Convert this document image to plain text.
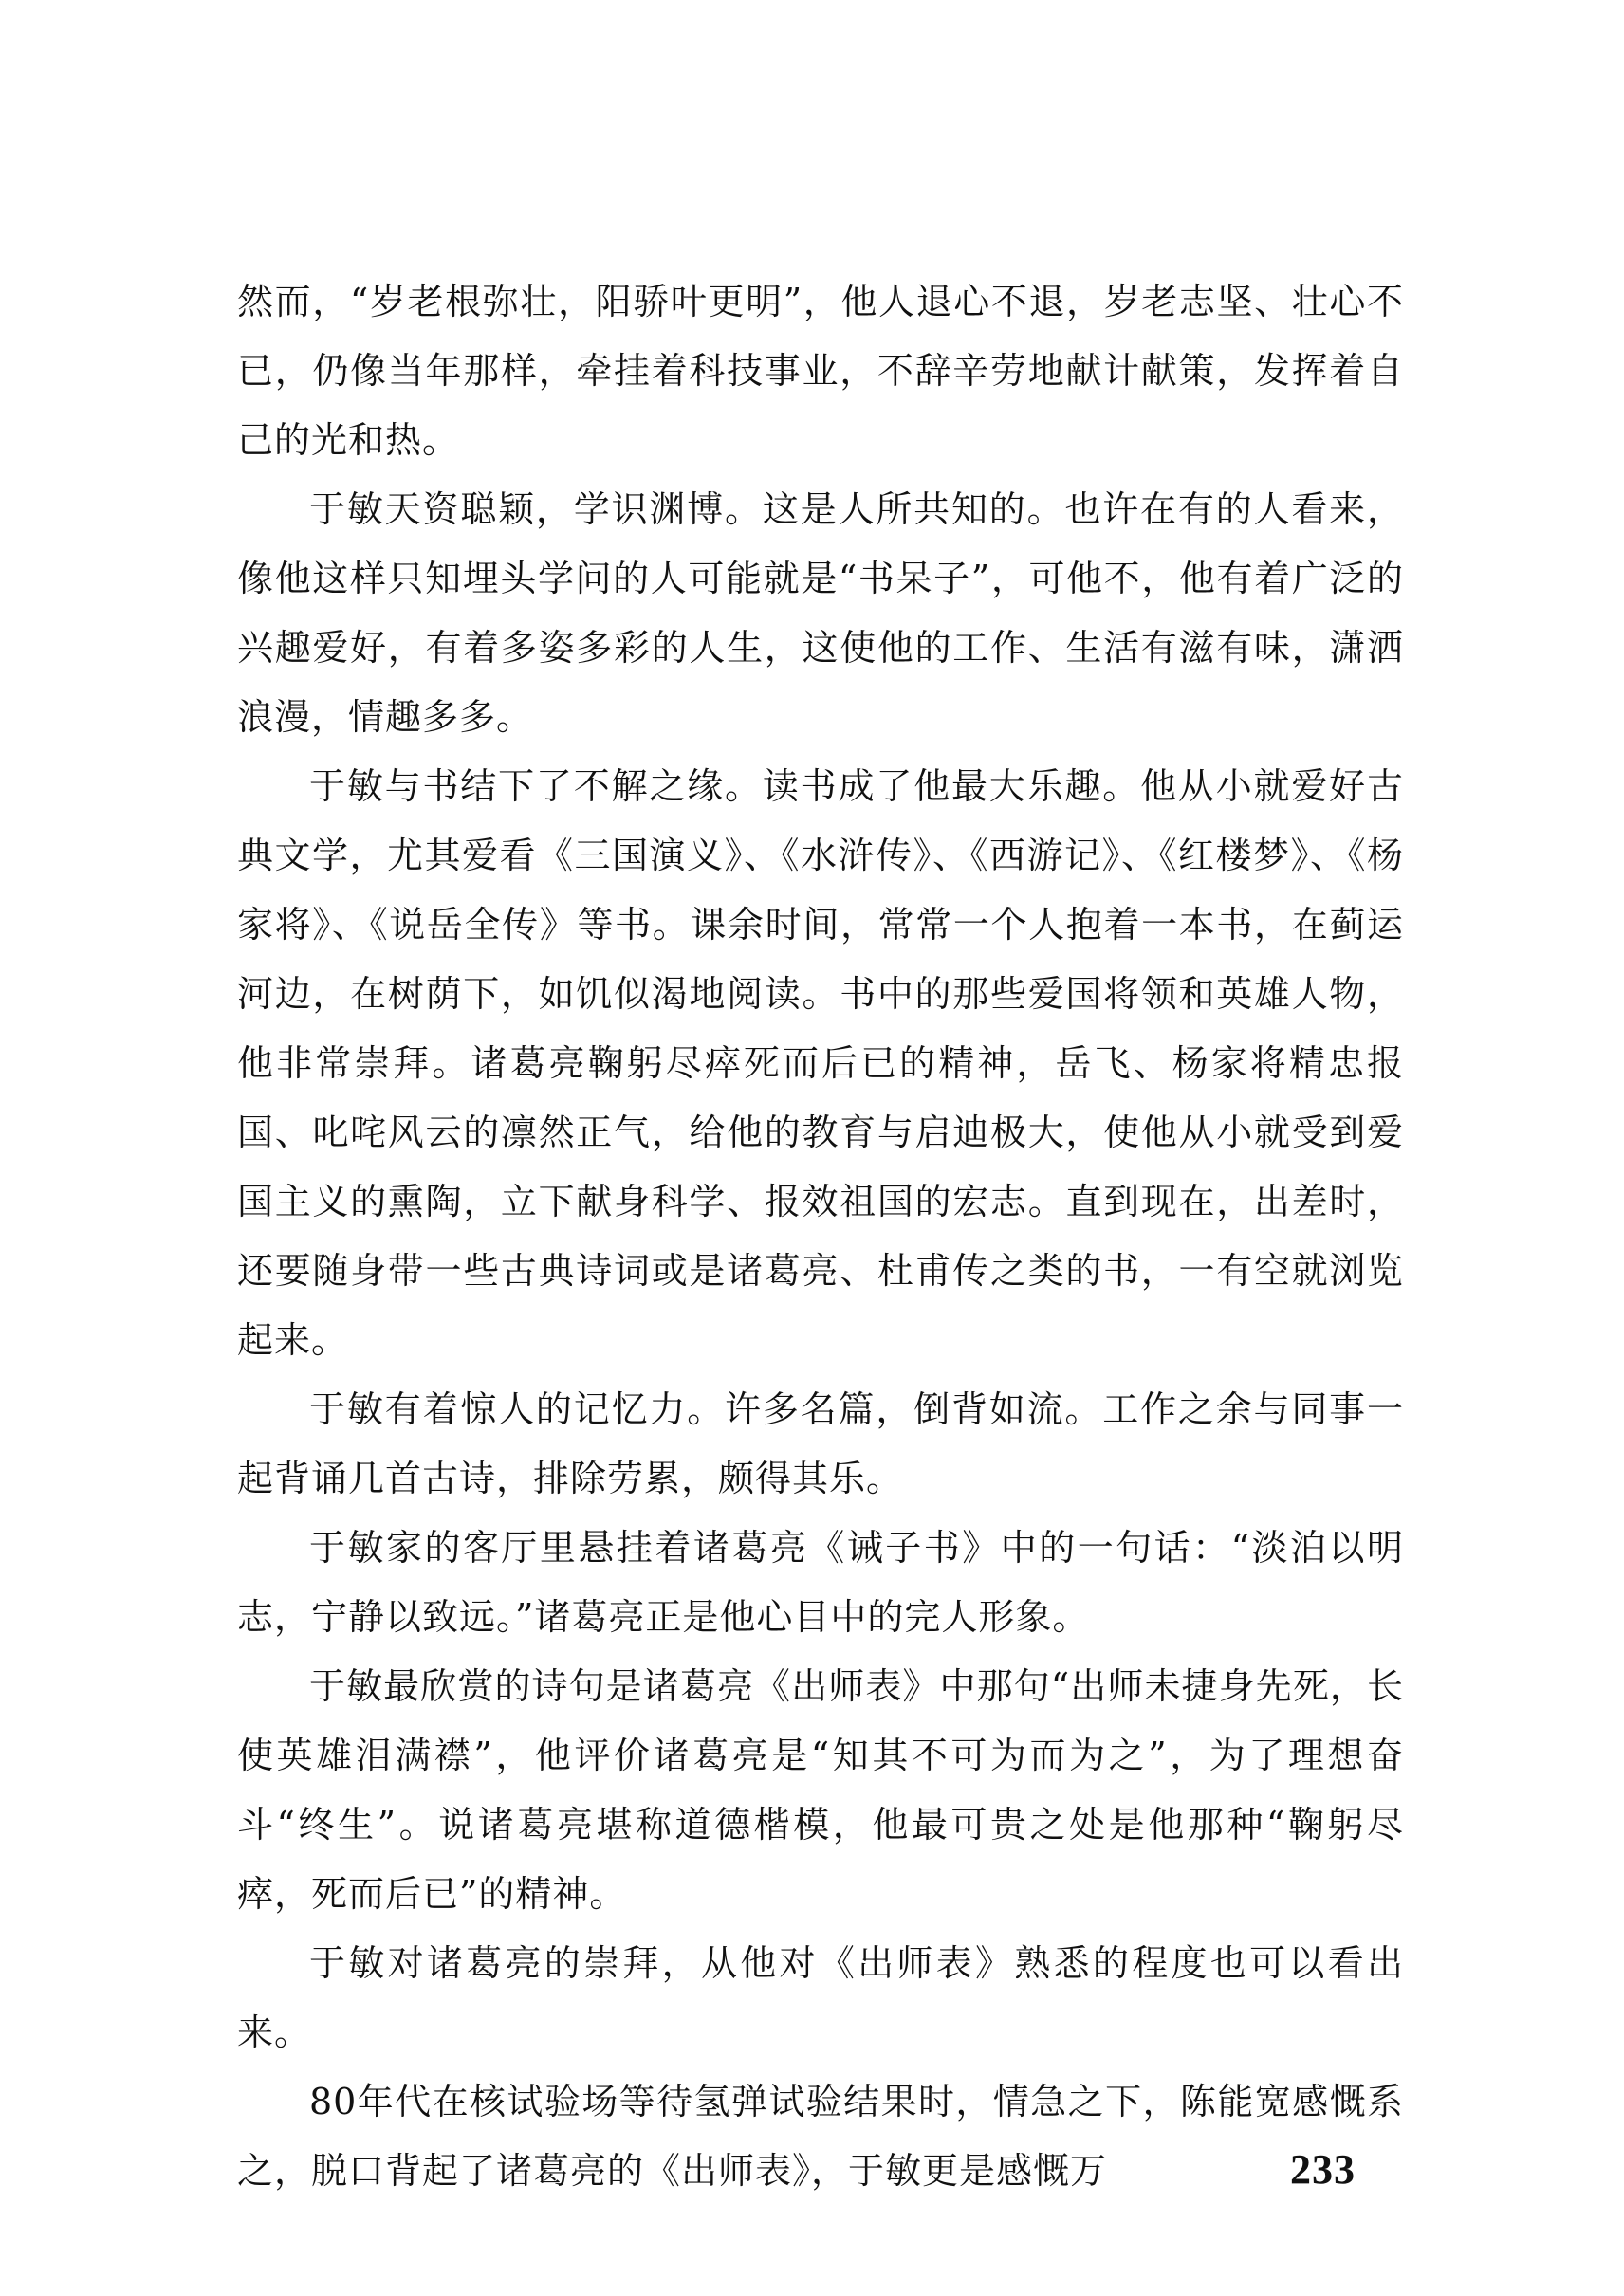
然而，“岁老根弥壮，阳骄叶更明”，他人退心不退，岁老志坚、壮心不已，仍像当年那样，牵挂着科技事业，不辞辛劳地献计献策，发挥着自己的光和热。

于敏天资聪颖，学识渊博。这是人所共知的。也许在有的人看来，像他这样只知埋头学问的人可能就是“书呆子”，可他不，他有着广泛的兴趣爱好，有着多姿多彩的人生，这使他的工作、生活有滋有味，潇洒浪漫，情趣多多。

于敏与书结下了不解之缘。读书成了他最大乐趣。他从小就爱好古典文学，尤其爱看《三国演义》、《水浒传》、《西游记》、《红楼梦》、《杨家将》、《说岳全传》等书。课余时间，常常一个人抱着一本书，在蓟运河边，在树荫下，如饥似渴地阅读。书中的那些爱国将领和英雄人物，他非常崇拜。诸葛亮鞠躬尽瘁死而后已的精神，岳飞、杨家将精忠报国、叱咤风云的凛然正气，给他的教育与启迪极大，使他从小就受到爱国主义的熏陶，立下献身科学、报效祖国的宏志。直到现在，出差时，还要随身带一些古典诗词或是诸葛亮、杜甫传之类的书，一有空就浏览起来。

于敏有着惊人的记忆力。许多名篇，倒背如流。工作之余与同事一起背诵几首古诗，排除劳累，颇得其乐。

于敏家的客厅里悬挂着诸葛亮《诫子书》中的一句话：“淡泊以明志，宁静以致远。”诸葛亮正是他心目中的完人形象。

于敏最欣赏的诗句是诸葛亮《出师表》中那句“出师未捷身先死，长使英雄泪满襟”，他评价诸葛亮是“知其不可为而为之”，为了理想奋斗“终生”。说诸葛亮堪称道德楷模，他最可贵之处是他那种“鞠躬尽瘁，死而后已”的精神。

于敏对诸葛亮的崇拜，从他对《出师表》熟悉的程度也可以看出来。

80年代在核试验场等待氢弹试验结果时，情急之下，陈能宽感慨系之，脱口背起了诸葛亮的《出师表》，于敏更是感慨万	233
